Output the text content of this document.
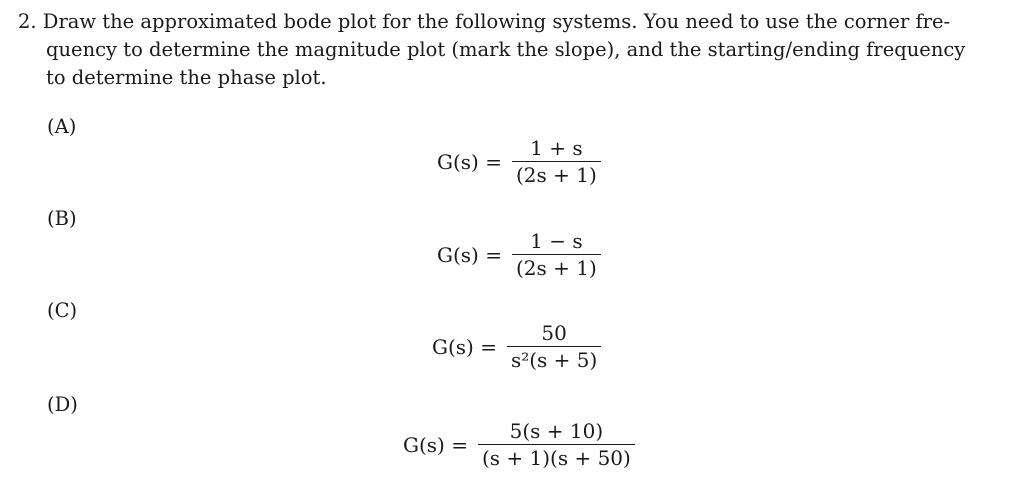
2. Draw the approximated bode plot for the following systems. You need to use the corner fre-
quency to determine the magnitude plot (mark the slope), and the starting/ending frequency
to determine the phase plot.
(A)
$G(s) = \frac{1 + s}{(2s + 1)}$
(B)
$G(s) = \frac{1 - s}{(2s + 1)}$
(C)
$G(s) = \frac{50}{\text{s²(s + 5)}}$
(D)
$G(s) = \frac{5(s + 10)}{(s + 1)(s + 50)}$
